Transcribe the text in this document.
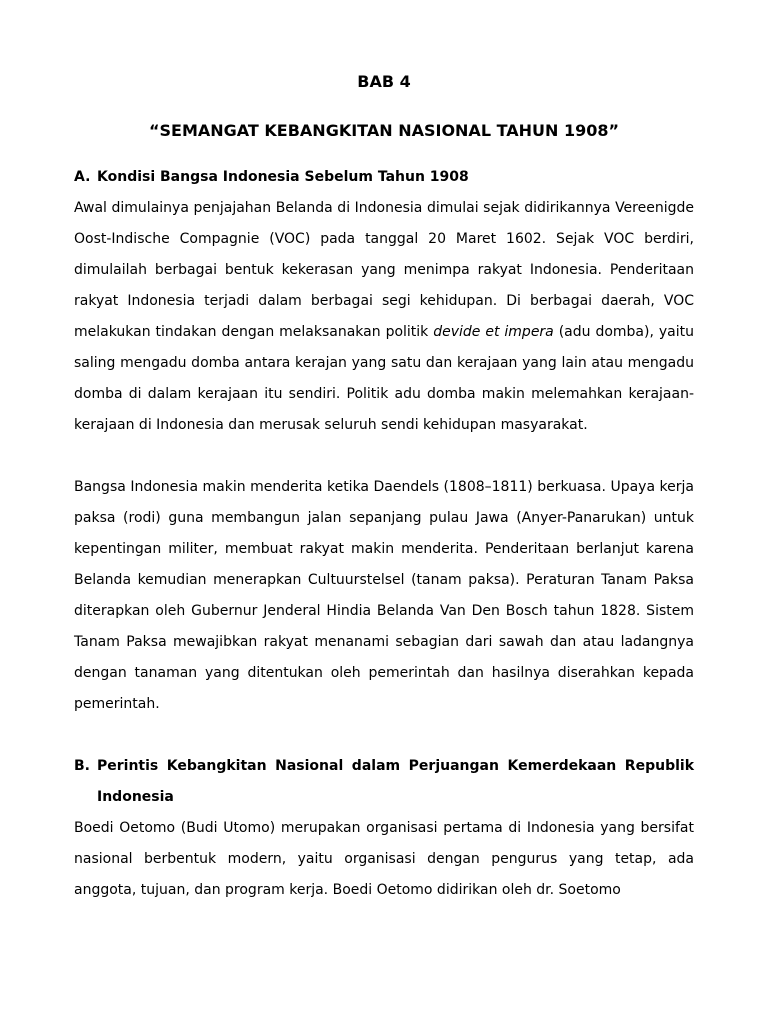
BAB 4
“SEMANGAT KEBANGKITAN NASIONAL TAHUN 1908”
A. Kondisi Bangsa Indonesia Sebelum Tahun 1908

Awal dimulainya penjajahan Belanda di Indonesia dimulai sejak didirikannya Vereenigde Oost-Indische Compagnie (VOC) pada tanggal 20 Maret 1602. Sejak VOC berdiri, dimulailah berbagai bentuk kekerasan yang menimpa rakyat Indonesia. Penderitaan rakyat Indonesia terjadi dalam berbagai segi kehidupan. Di berbagai daerah, VOC melakukan tindakan dengan melaksanakan politik devide et impera (adu domba), yaitu saling mengadu domba antara kerajan yang satu dan kerajaan yang lain atau mengadu domba di dalam kerajaan itu sendiri. Politik adu domba makin melemahkan kerajaan-kerajaan di Indonesia dan merusak seluruh sendi kehidupan masyarakat.

Bangsa Indonesia makin menderita ketika Daendels (1808–1811) berkuasa. Upaya kerja paksa (rodi) guna membangun jalan sepanjang pulau Jawa (Anyer-Panarukan) untuk kepentingan militer, membuat rakyat makin menderita. Penderitaan berlanjut karena Belanda kemudian menerapkan Cultuurstelsel (tanam paksa). Peraturan Tanam Paksa diterapkan oleh Gubernur Jenderal Hindia Belanda Van Den Bosch tahun 1828. Sistem Tanam Paksa mewajibkan rakyat menanami sebagian dari sawah dan atau ladangnya dengan tanaman yang ditentukan oleh pemerintah dan hasilnya diserahkan kepada pemerintah.

B. Perintis Kebangkitan Nasional dalam Perjuangan Kemerdekaan Republik Indonesia

Boedi Oetomo (Budi Utomo) merupakan organisasi pertama di Indonesia yang bersifat nasional berbentuk modern, yaitu organisasi dengan pengurus yang tetap, ada anggota, tujuan, dan program kerja. Boedi Oetomo didirikan oleh dr. Soetomo
